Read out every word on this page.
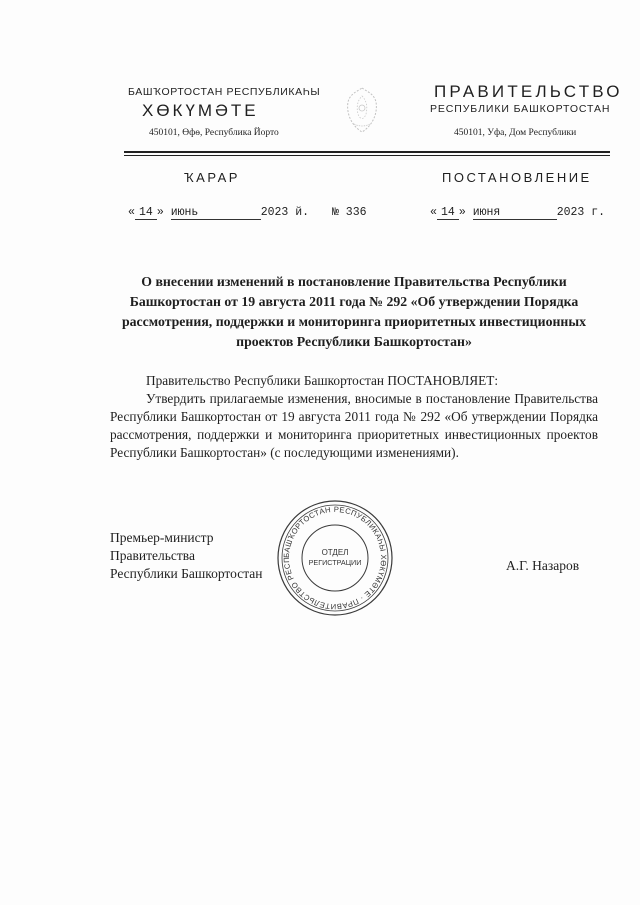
БАШҠОРТОСТАН РЕСПУБЛИКАҺЫ
ХӨКҮМӘТЕ
450101, Өфө, Республика Йорто
ПРАВИТЕЛЬСТВО
РЕСПУБЛИКИ БАШКОРТОСТАН
450101, Уфа, Дом Республики
ҠАРАР	ПОСТАНОВЛЕНИЕ
« 14 » июнь	2023 й. № 336	« 14 » июня	2023 г.
О внесении изменений в постановление Правительства Республики Башкортостан от 19 августа 2011 года № 292 «Об утверждении Порядка рассмотрения, поддержки и мониторинга приоритетных инвестиционных проектов Республики Башкортостан»
Правительство Республики Башкортостан ПОСТАНОВЛЯЕТ:
Утвердить прилагаемые изменения, вносимые в постановление Правительства Республики Башкортостан от 19 августа 2011 года № 292 «Об утверждении Порядка рассмотрения, поддержки и мониторинга приоритетных инвестиционных проектов Республики Башкортостан» (с последующими изменениями).
Премьер-министр
Правительства
Республики Башкортостан
А.Г. Назаров
БАШҠОРТОСТАН РЕСПУБЛИКАҺЫ ХӨКҮМӘТЕ · ПРАВИТЕЛЬСТВО РЕСП
ОТДЕЛ
РЕГИСТРАЦИИ
